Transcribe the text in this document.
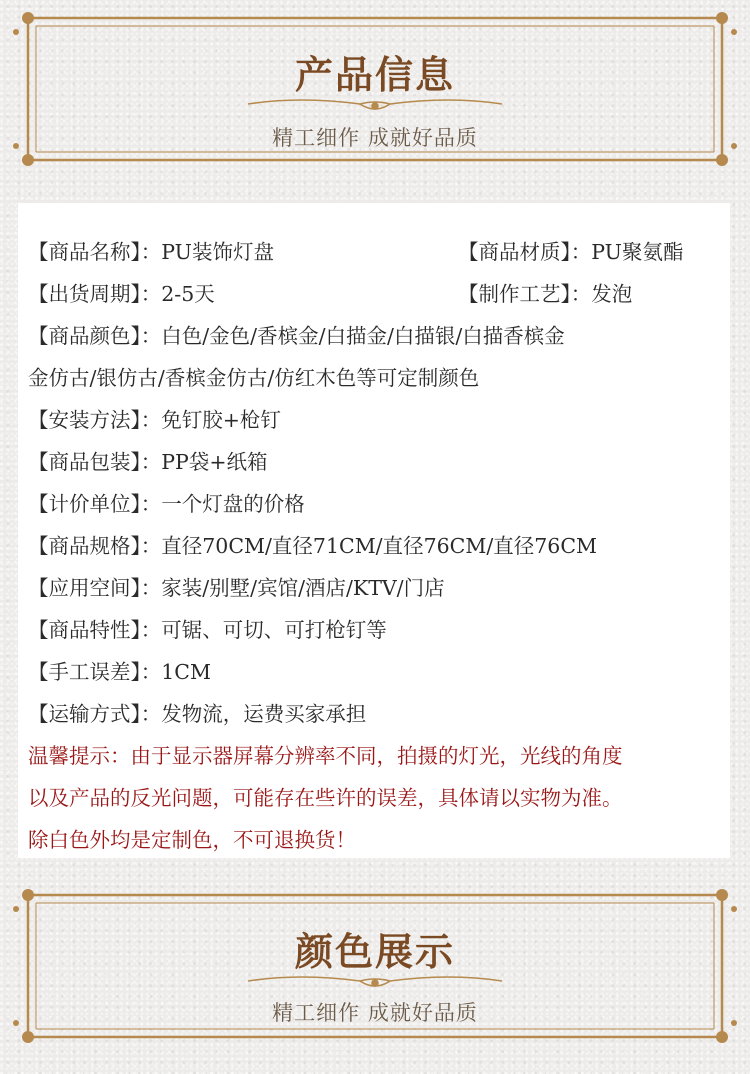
产品信息
精工细作 成就好品质
【商品名称】：PU装饰灯盘	【商品材质】：PU聚氨酯
【出货周期】：2-5天	【制作工艺】：发泡
【商品颜色】：白色/金色/香槟金/白描金/白描银/白描香槟金
金仿古/银仿古/香槟金仿古/仿红木色等可定制颜色
【安装方法】：免钉胶+枪钉
【商品包装】：PP袋+纸箱
【计价单位】：一个灯盘的价格
【商品规格】：直径70CM/直径71CM/直径76CM/直径76CM
【应用空间】：家装/别墅/宾馆/酒店/KTV/门店
【商品特性】：可锯、可切、可打枪钉等
【手工误差】：1CM
【运输方式】：发物流，运费买家承担
温馨提示：由于显示器屏幕分辨率不同，拍摄的灯光，光线的角度
以及产品的反光问题，可能存在些许的误差，具体请以实物为准。
除白色外均是定制色，不可退换货！
颜色展示
精工细作 成就好品质
